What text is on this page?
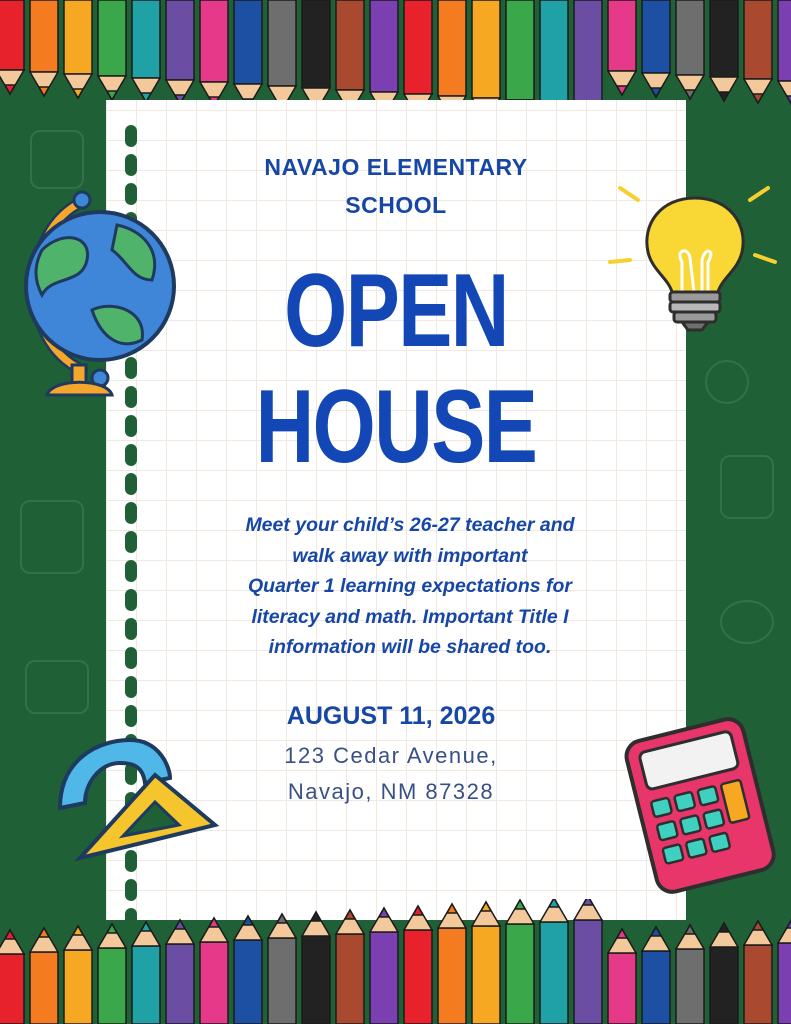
NAVAJO ELEMENTARY
SCHOOL
OPEN
HOUSE
Meet your child’s 26-27 teacher and
walk away with important
Quarter 1 learning expectations for
literacy and math. Important Title I
information will be shared too.
AUGUST 11, 2026
123 Cedar Avenue,
Navajo, NM 87328
